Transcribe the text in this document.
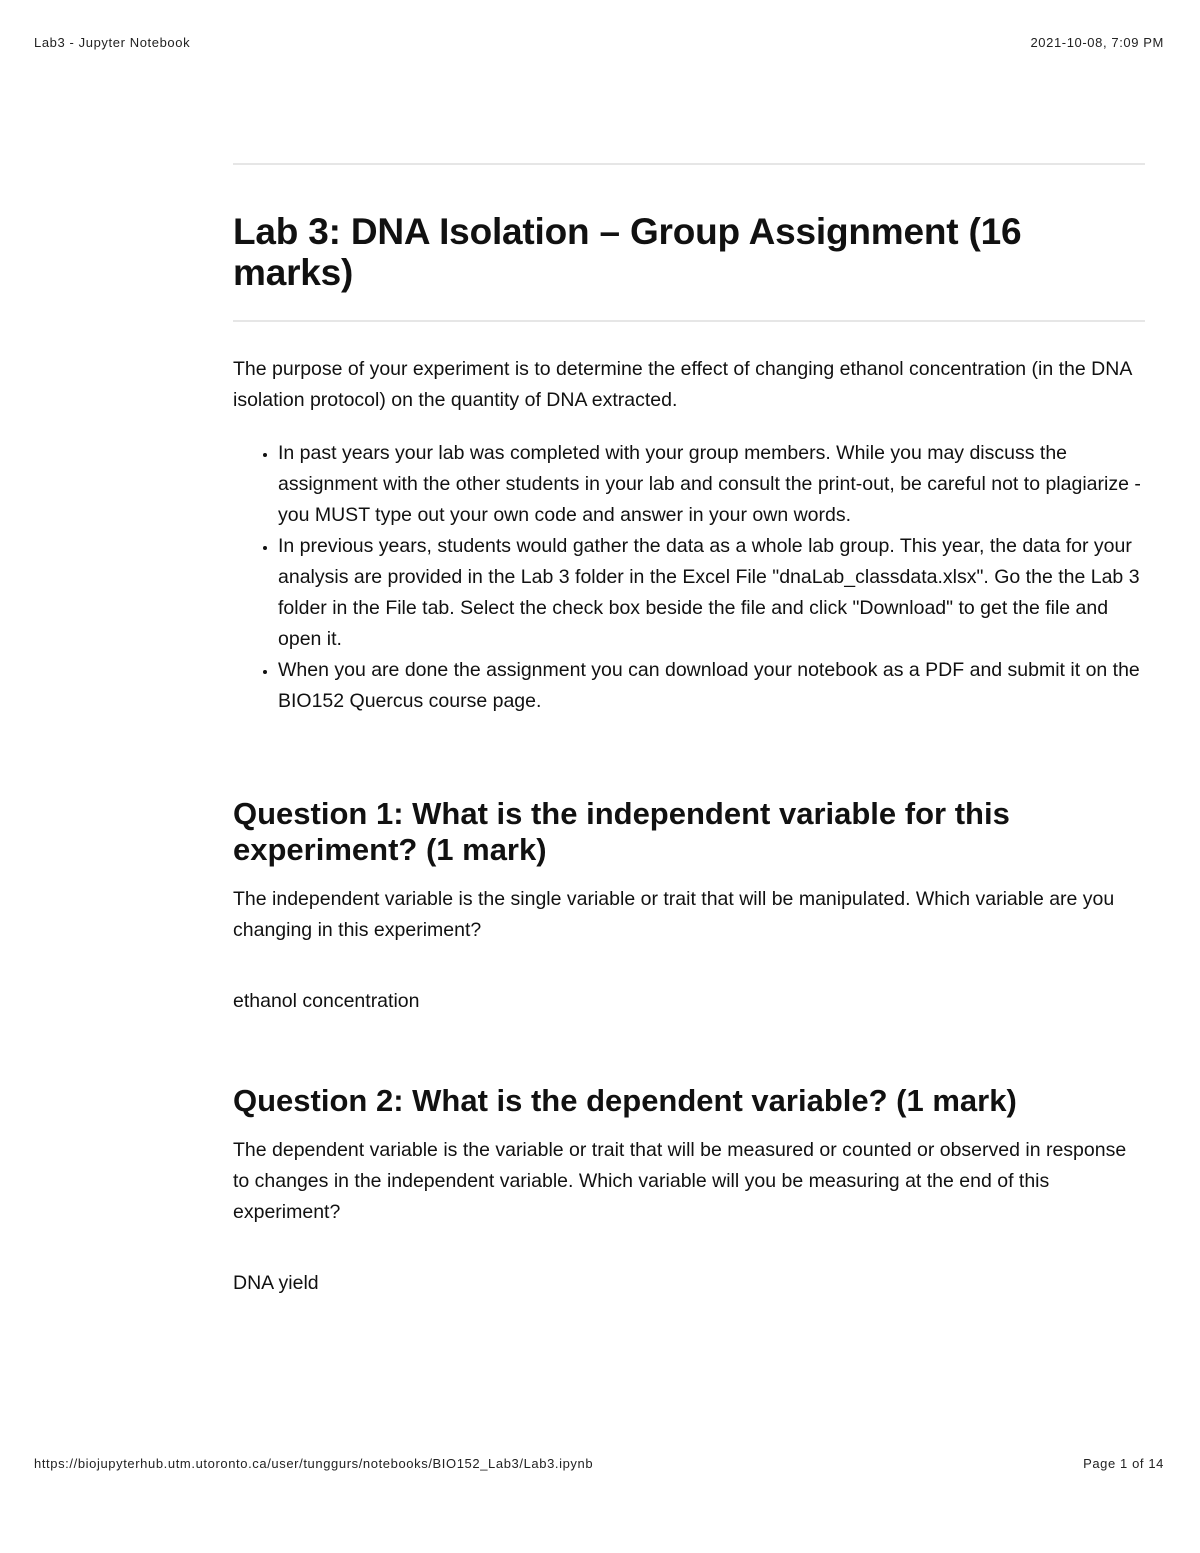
Lab3 - Jupyter Notebook	2021-10-08, 7:09 PM
Lab 3: DNA Isolation – Group Assignment (16 marks)

The purpose of your experiment is to determine the effect of changing ethanol concentration (in the DNA isolation protocol) on the quantity of DNA extracted.

• In past years your lab was completed with your group members. While you may discuss the assignment with the other students in your lab and consult the print-out, be careful not to plagiarize - you MUST type out your own code and answer in your own words.
• In previous years, students would gather the data as a whole lab group. This year, the data for your analysis are provided in the Lab 3 folder in the Excel File "dnaLab_classdata.xlsx". Go the the Lab 3 folder in the File tab. Select the check box beside the file and click "Download" to get the file and open it.
• When you are done the assignment you can download your notebook as a PDF and submit it on the BIO152 Quercus course page.
Question 1: What is the independent variable for this experiment? (1 mark)

The independent variable is the single variable or trait that will be manipulated. Which variable are you changing in this experiment?

ethanol concentration

Question 2: What is the dependent variable? (1 mark)

The dependent variable is the variable or trait that will be measured or counted or observed in response to changes in the independent variable. Which variable will you be measuring at the end of this experiment?

DNA yield

https://biojupyterhub.utm.utoronto.ca/user/tunggurs/notebooks/BIO152_Lab3/Lab3.ipynb	Page 1 of 14
